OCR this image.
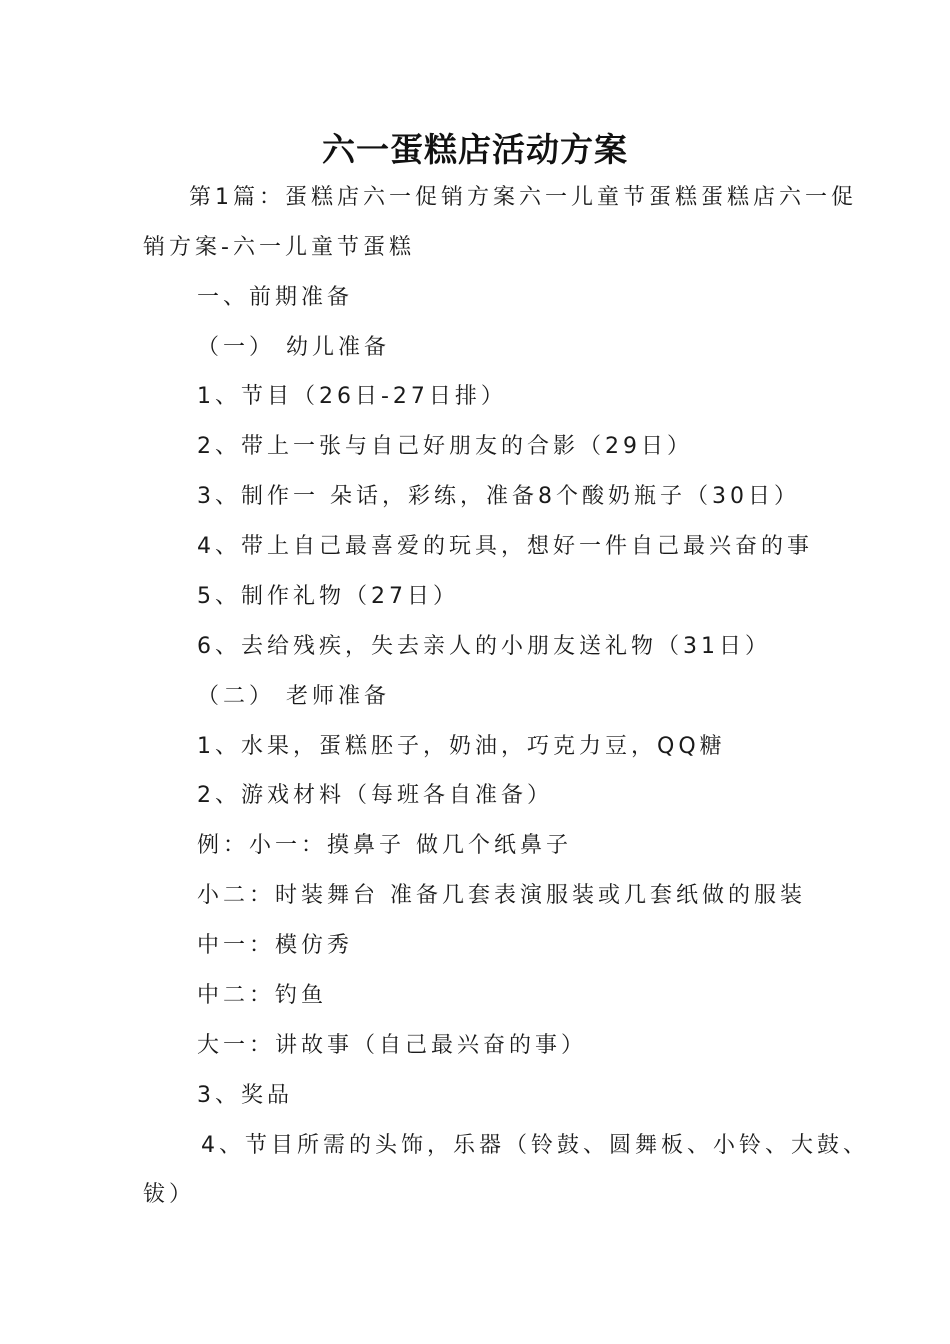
六一蛋糕店活动方案
第1篇：蛋糕店六一促销方案六一儿童节蛋糕蛋糕店六一促
销方案-六一儿童节蛋糕
一、前期准备
（一） 幼儿准备
1、节目（26日-27日排）
2、带上一张与自己好朋友的合影（29日）
3、制作一 朵话，彩练，准备8个酸奶瓶子（30日）
4、带上自己最喜爱的玩具，想好一件自己最兴奋的事
5、制作礼物（27日）
6、去给残疾，失去亲人的小朋友送礼物（31日）
（二） 老师准备
1、水果，蛋糕胚子，奶油，巧克力豆，QQ糖
2、游戏材料（每班各自准备）
例：小一：摸鼻子 做几个纸鼻子
小二：时装舞台 准备几套表演服装或几套纸做的服装
中一：模仿秀
中二：钓鱼
大一：讲故事（自己最兴奋的事）
3、奖品
4、节目所需的头饰，乐器（铃鼓、圆舞板、小铃、大鼓、
钹）
